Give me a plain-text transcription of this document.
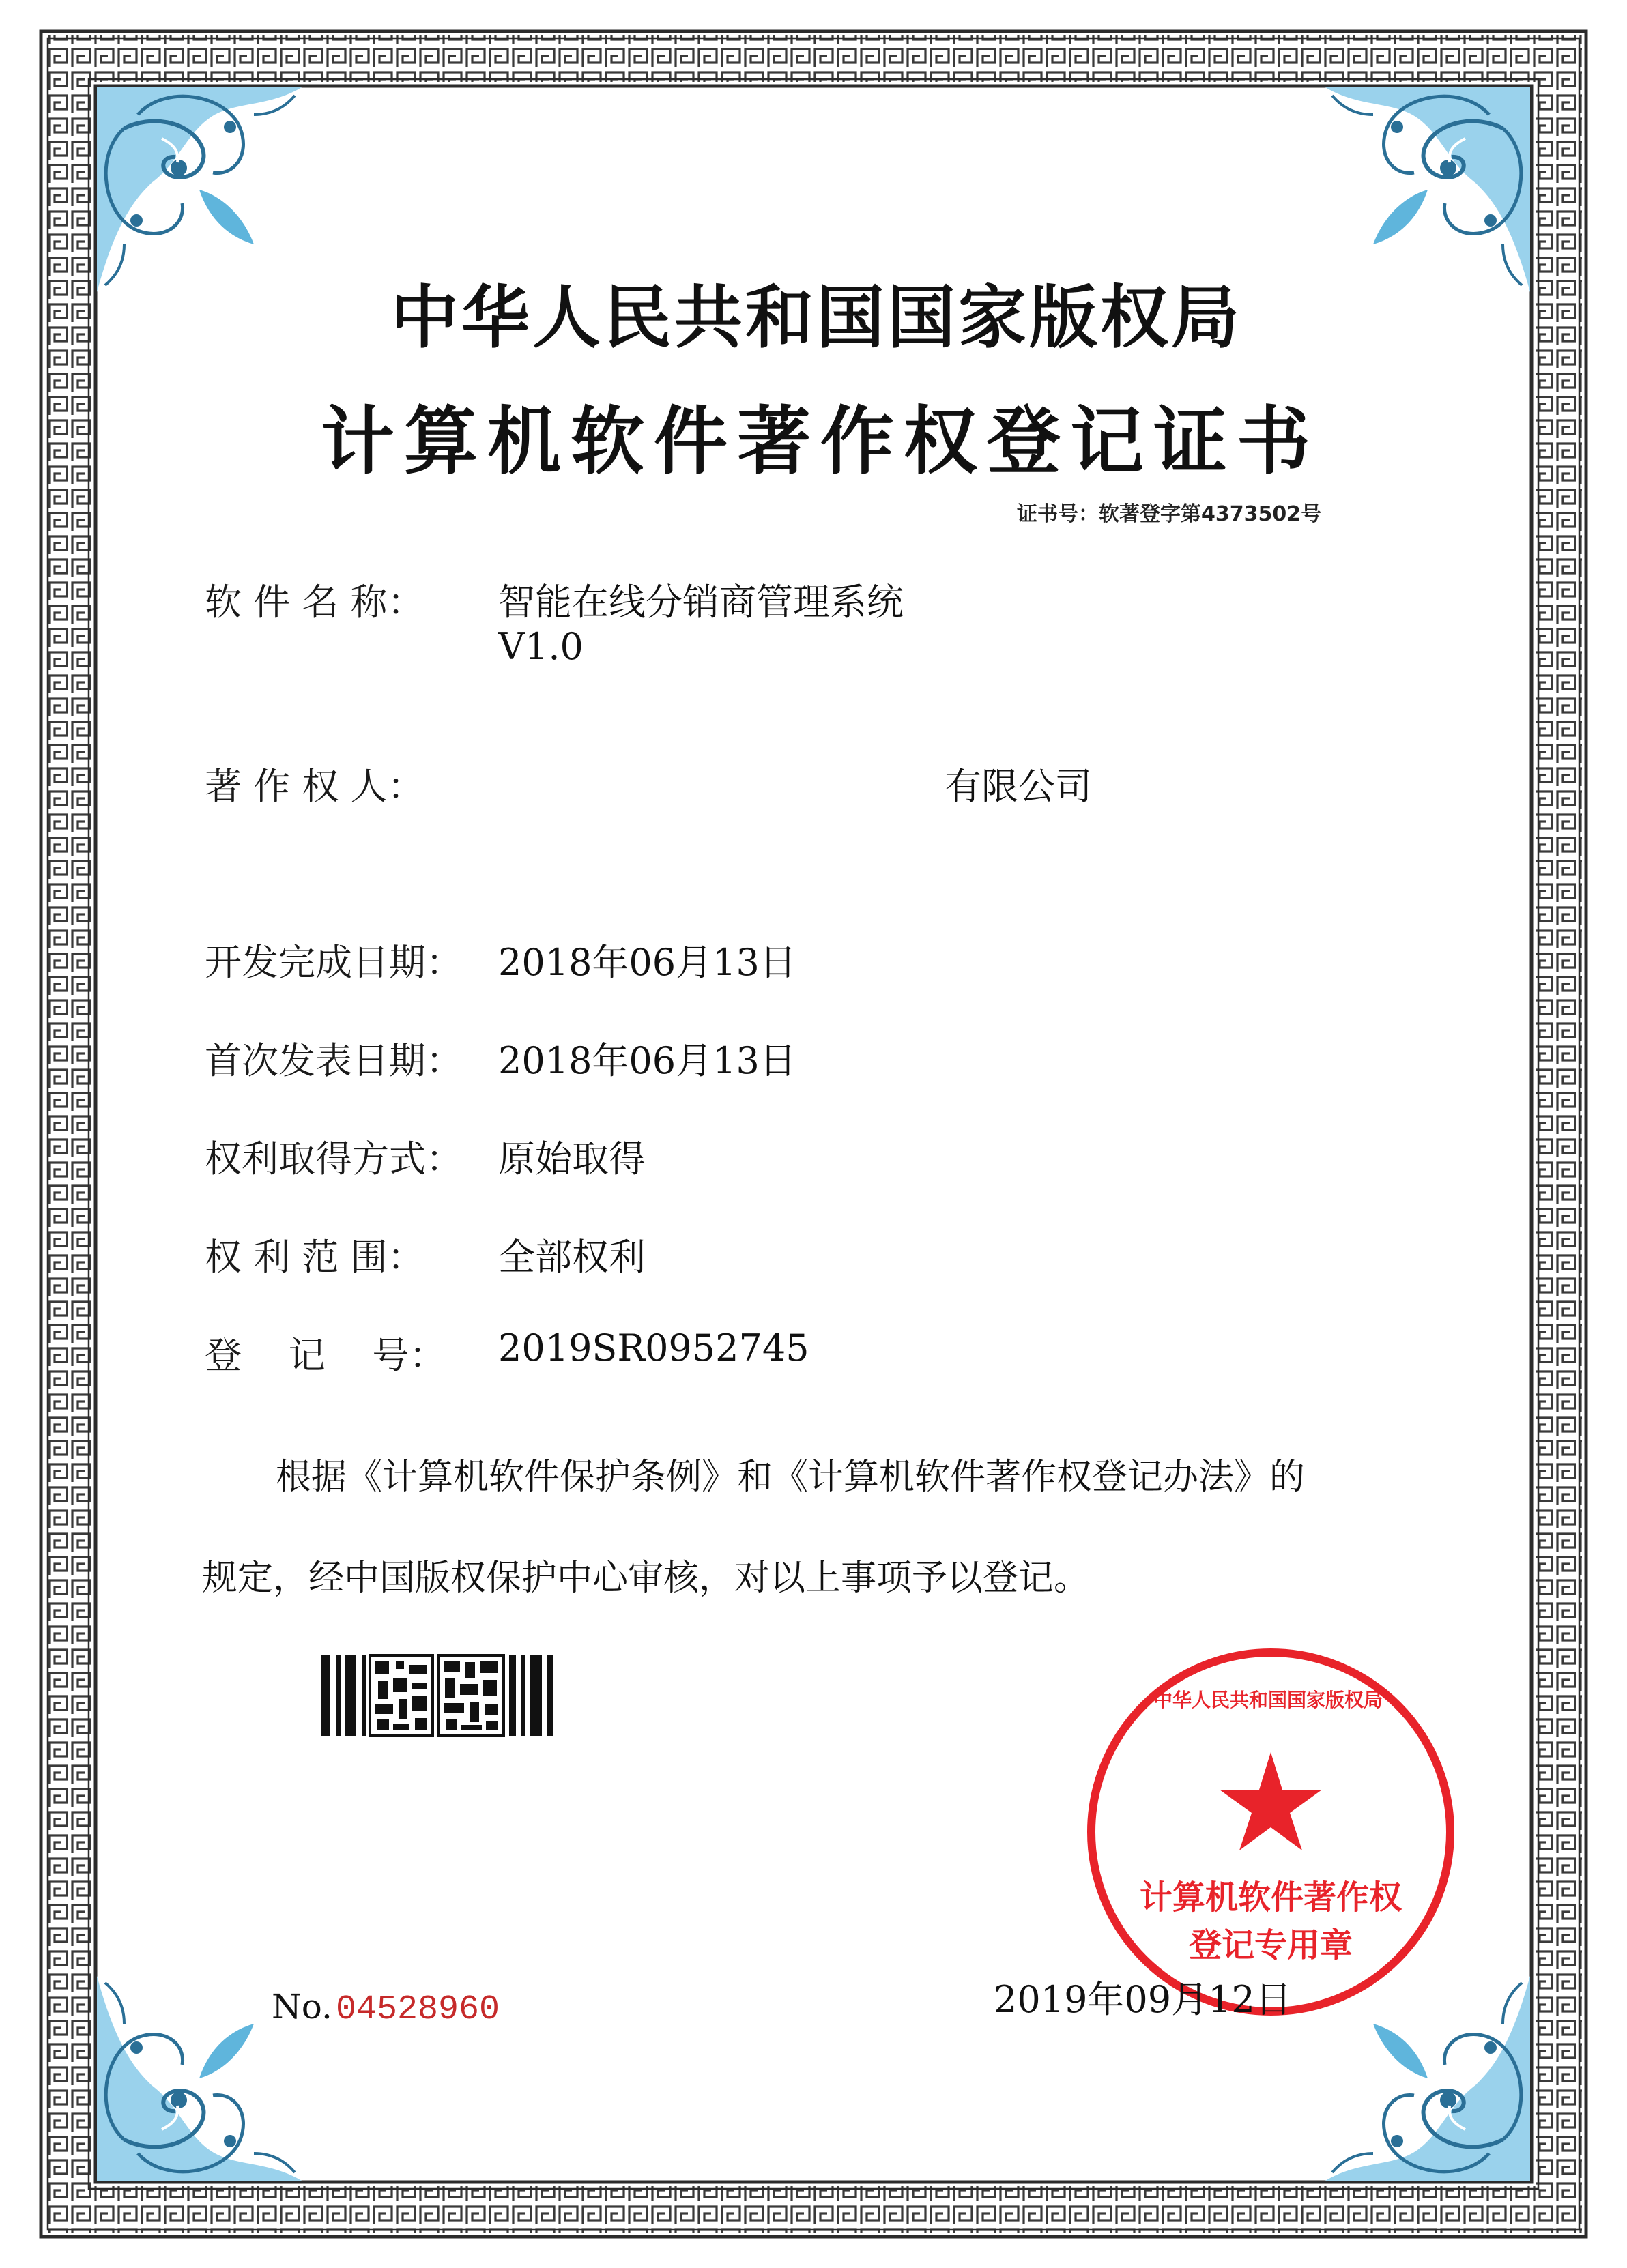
中华人民共和国国家版权局
计算机软件著作权登记证书
证书号：软著登字第4373502号
软 件 名 称： 智能在线分销商管理系统
V1.0
著 作 权 人：	有限公司
开发完成日期： 2018年06月13日
首次发表日期： 2018年06月13日
权利取得方式： 原始取得
权 利 范 围： 全部权利
登    记    号： 2019SR0952745
根据《计算机软件保护条例》和《计算机软件著作权登记办法》的
规定，经中国版权保护中心审核，对以上事项予以登记。
中华人民共和国国家版权局
计算机软件著作权
登记专用章
No. 04528960	2019年09月12日
